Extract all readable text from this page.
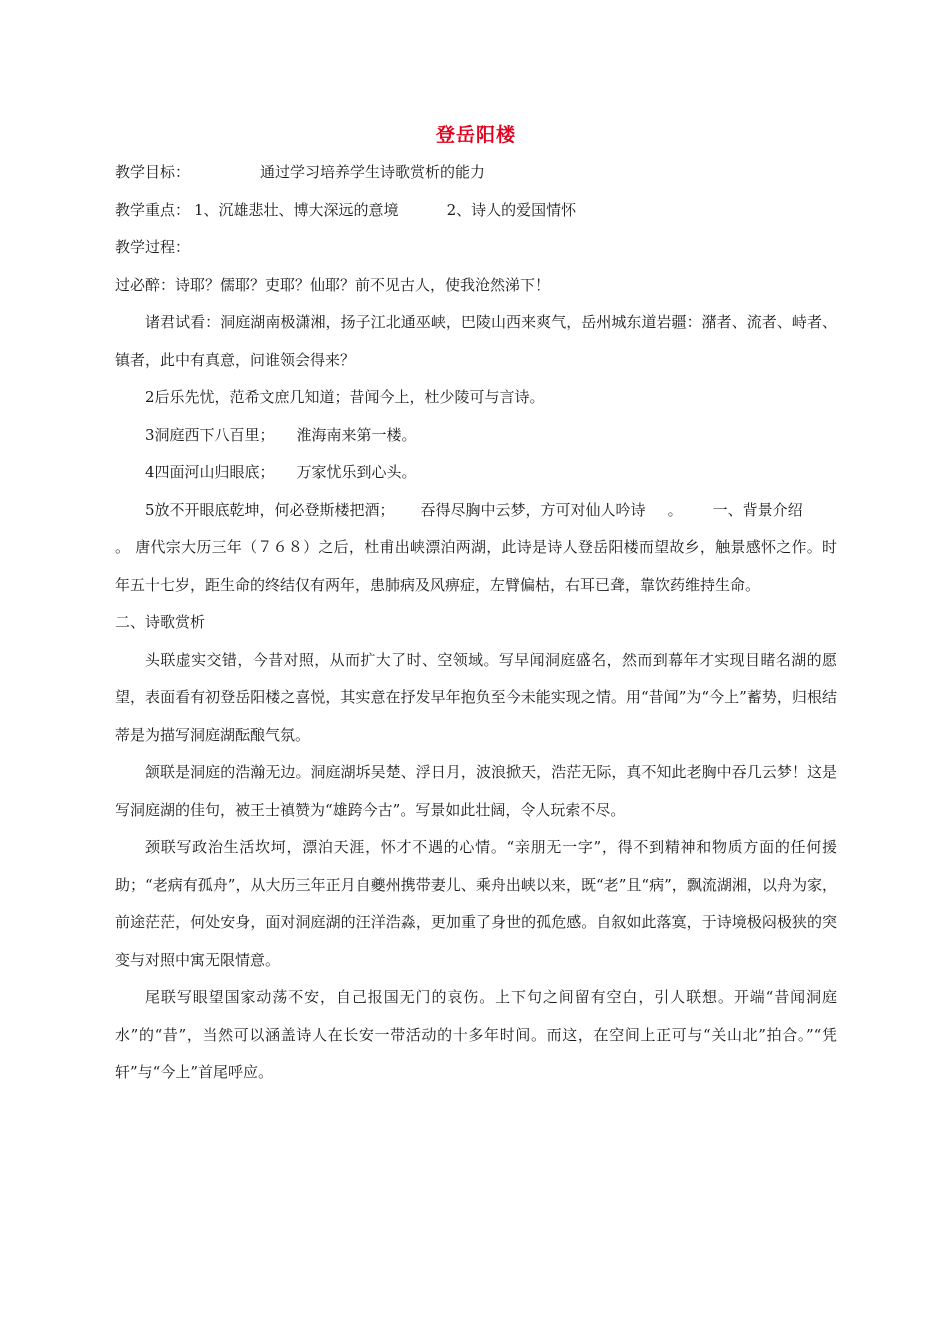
登岳阳楼

教学目标：	通过学习培养学生诗歌赏析的能力

教学重点： 1、沉雄悲壮、博大深远的意境	2、诗人的爱国情怀

教学过程：

过必醉：诗耶？儒耶？吏耶？仙耶？前不见古人，使我沧然涕下！

诸君试看：洞庭湖南极潇湘，扬子江北通巫峡，巴陵山西来爽气，岳州城东道岩疆：潴者、流者、峙者、镇者，此中有真意，问谁领会得来？

2后乐先忧，范希文庶几知道；昔闻今上，杜少陵可与言诗。

3洞庭西下八百里； 淮海南来第一楼。

4四面河山归眼底； 万家忧乐到心头。

5放不开眼底乾坤，何必登斯楼把酒； 吞得尽胸中云梦，方可对仙人吟诗 。 一、背景介绍

。 唐代宗大历三年（７６８）之后，杜甫出峡漂泊两湖，此诗是诗人登岳阳楼而望故乡，触景感怀之作。时年五十七岁，距生命的终结仅有两年，患肺病及风痹症，左臂偏枯，右耳已聋，靠饮药维持生命。

二、诗歌赏析

头联虚实交错，今昔对照，从而扩大了时、空领域。写早闻洞庭盛名，然而到幕年才实现目睹名湖的愿望，表面看有初登岳阳楼之喜悦，其实意在抒发早年抱负至今未能实现之情。用“昔闻”为“今上”蓄势，归根结蒂是为描写洞庭湖酝酿气氛。

颔联是洞庭的浩瀚无边。洞庭湖坼吴楚、浮日月，波浪掀天，浩茫无际，真不知此老胸中吞几云梦！这是写洞庭湖的佳句，被王士禛赞为“雄跨今古”。写景如此壮阔，令人玩索不尽。

颈联写政治生活坎坷，漂泊天涯，怀才不遇的心情。“亲朋无一字”，得不到精神和物质方面的任何援助；“老病有孤舟”，从大历三年正月自夔州携带妻儿、乘舟出峡以来，既“老”且“病”，飘流湖湘，以舟为家，前途茫茫，何处安身，面对洞庭湖的汪洋浩淼，更加重了身世的孤危感。自叙如此落寞，于诗境极闷极狭的突变与对照中寓无限情意。

尾联写眼望国家动荡不安，自己报国无门的哀伤。上下句之间留有空白，引人联想。开端“昔闻洞庭水”的“昔”，当然可以涵盖诗人在长安一带活动的十多年时间。而这，在空间上正可与“关山北”拍合。”“凭轩”与“今上”首尾呼应。
